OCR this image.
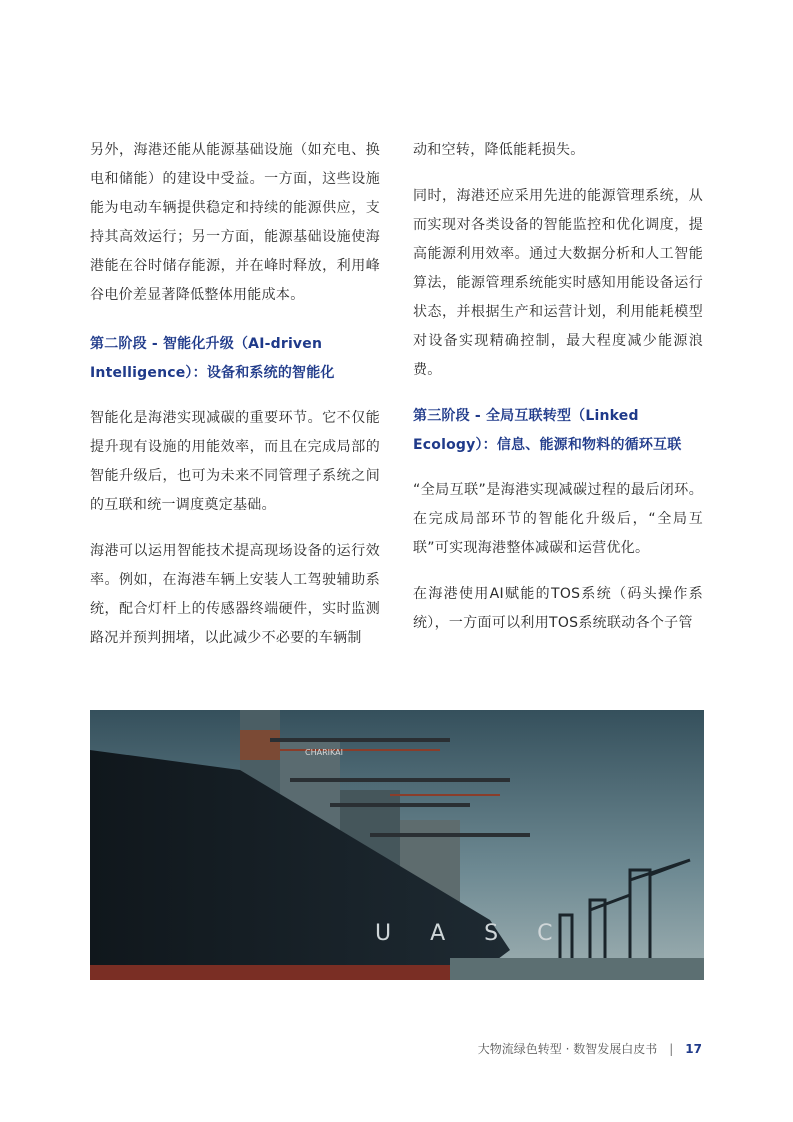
另外，海港还能从能源基础设施（如充电、换电和储能）的建设中受益。一方面，这些设施能为电动车辆提供稳定和持续的能源供应，支持其高效运行；另一方面，能源基础设施使海港能在谷时储存能源，并在峰时释放，利用峰谷电价差显著降低整体用能成本。

第二阶段 - 智能化升级（AI-driven Intelligence）：设备和系统的智能化

智能化是海港实现减碳的重要环节。它不仅能提升现有设施的用能效率，而且在完成局部的智能升级后，也可为未来不同管理子系统之间的互联和统一调度奠定基础。

海港可以运用智能技术提高现场设备的运行效率。例如，在海港车辆上安装人工驾驶辅助系统，配合灯杆上的传感器终端硬件，实时监测路况并预判拥堵，以此减少不必要的车辆制

动和空转，降低能耗损失。

同时，海港还应采用先进的能源管理系统，从而实现对各类设备的智能监控和优化调度，提高能源利用效率。通过大数据分析和人工智能算法，能源管理系统能实时感知用能设备运行状态，并根据生产和运营计划，利用能耗模型对设备实现精确控制，最大程度减少能源浪费。

第三阶段 - 全局互联转型（Linked Ecology）：信息、能源和物料的循环互联

“全局互联”是海港实现减碳过程的最后闭环。在完成局部环节的智能化升级后，“全局互联”可实现海港整体减碳和运营优化。

在海港使用AI赋能的TOS系统（码头操作系统），一方面可以利用TOS系统联动各个子管

CHARIKAI
U A S C
大物流绿色转型 · 数智发展白皮书 | 17
